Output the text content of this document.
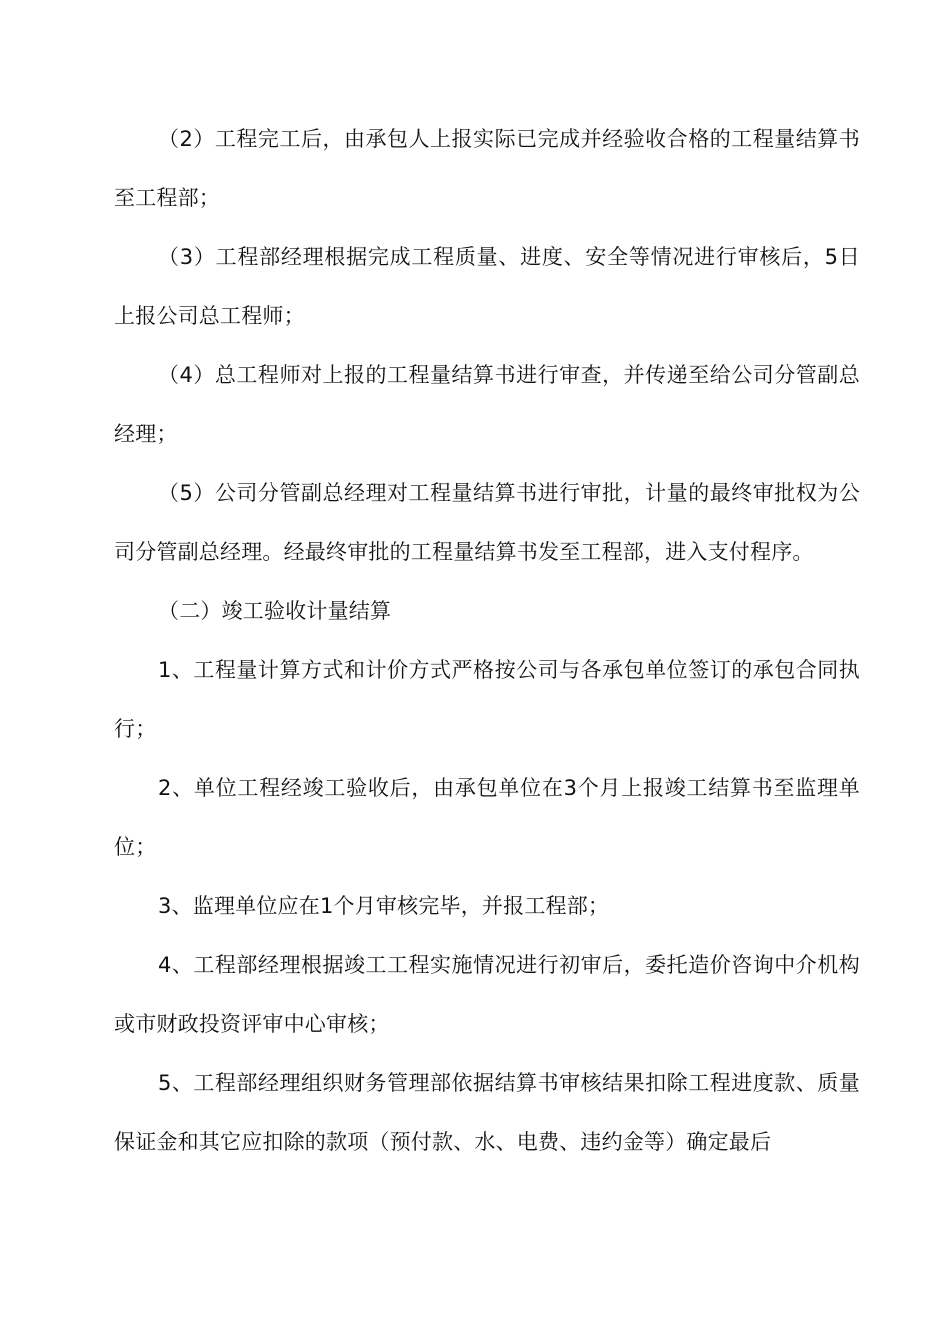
（2）工程完工后，由承包人上报实际已完成并经验收合格的工程量结算书至工程部；

（3）工程部经理根据完成工程质量、进度、安全等情况进行审核后，5日上报公司总工程师；

（4）总工程师对上报的工程量结算书进行审查，并传递至给公司分管副总经理；

（5）公司分管副总经理对工程量结算书进行审批，计量的最终审批权为公司分管副总经理。经最终审批的工程量结算书发至工程部，进入支付程序。

（二）竣工验收计量结算

1、工程量计算方式和计价方式严格按公司与各承包单位签订的承包合同执行；

2、单位工程经竣工验收后，由承包单位在3个月上报竣工结算书至监理单位；

3、监理单位应在1个月审核完毕，并报工程部；

4、工程部经理根据竣工工程实施情况进行初审后，委托造价咨询中介机构或市财政投资评审中心审核；

5、工程部经理组织财务管理部依据结算书审核结果扣除工程进度款、质量保证金和其它应扣除的款项（预付款、水、电费、违约金等）确定最后
